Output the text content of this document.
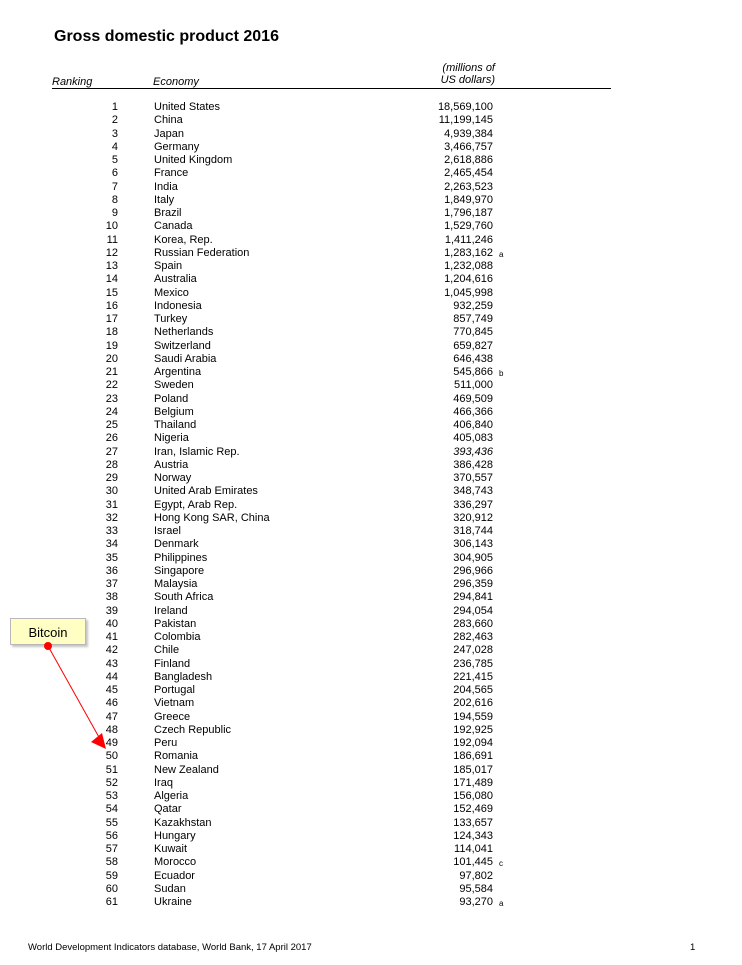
Gross domestic product 2016
Ranking	Economy
(millions of
US dollars)
1	United States	18,569,100
2	China	11,199,145
3	Japan	4,939,384
4	Germany	3,466,757
5	United Kingdom	2,618,886
6	France	2,465,454
7	India	2,263,523
8	Italy	1,849,970
9	Brazil	1,796,187
10	Canada	1,529,760
11	Korea, Rep.	1,411,246
12	Russian Federation	1,283,162 a
13	Spain	1,232,088
14	Australia	1,204,616
15	Mexico	1,045,998
16	Indonesia	932,259
17	Turkey	857,749
18	Netherlands	770,845
19	Switzerland	659,827
20	Saudi Arabia	646,438
21	Argentina	545,866 b
22	Sweden	511,000
23	Poland	469,509
24	Belgium	466,366
25	Thailand	406,840
26	Nigeria	405,083
27	Iran, Islamic Rep.	393,436
28	Austria	386,428
29	Norway	370,557
30	United Arab Emirates	348,743
31	Egypt, Arab Rep.	336,297
32	Hong Kong SAR, China	320,912
33	Israel	318,744
34	Denmark	306,143
35	Philippines	304,905
36	Singapore	296,966
37	Malaysia	296,359
38	South Africa	294,841
39	Ireland	294,054
40	Pakistan	283,660
41	Colombia	282,463
42	Chile	247,028
43	Finland	236,785
44	Bangladesh	221,415
45	Portugal	204,565
46	Vietnam	202,616
47	Greece	194,559
48	Czech Republic	192,925
49	Peru	192,094
50	Romania	186,691
51	New Zealand	185,017
52	Iraq	171,489
53	Algeria	156,080
54	Qatar	152,469
55	Kazakhstan	133,657
56	Hungary	124,343
57	Kuwait	114,041
58	Morocco	101,445 c
59	Ecuador	97,802
60	Sudan	95,584
61	Ukraine	93,270 a
Bitcoin
World Development Indicators database, World Bank, 17 April 2017	1
